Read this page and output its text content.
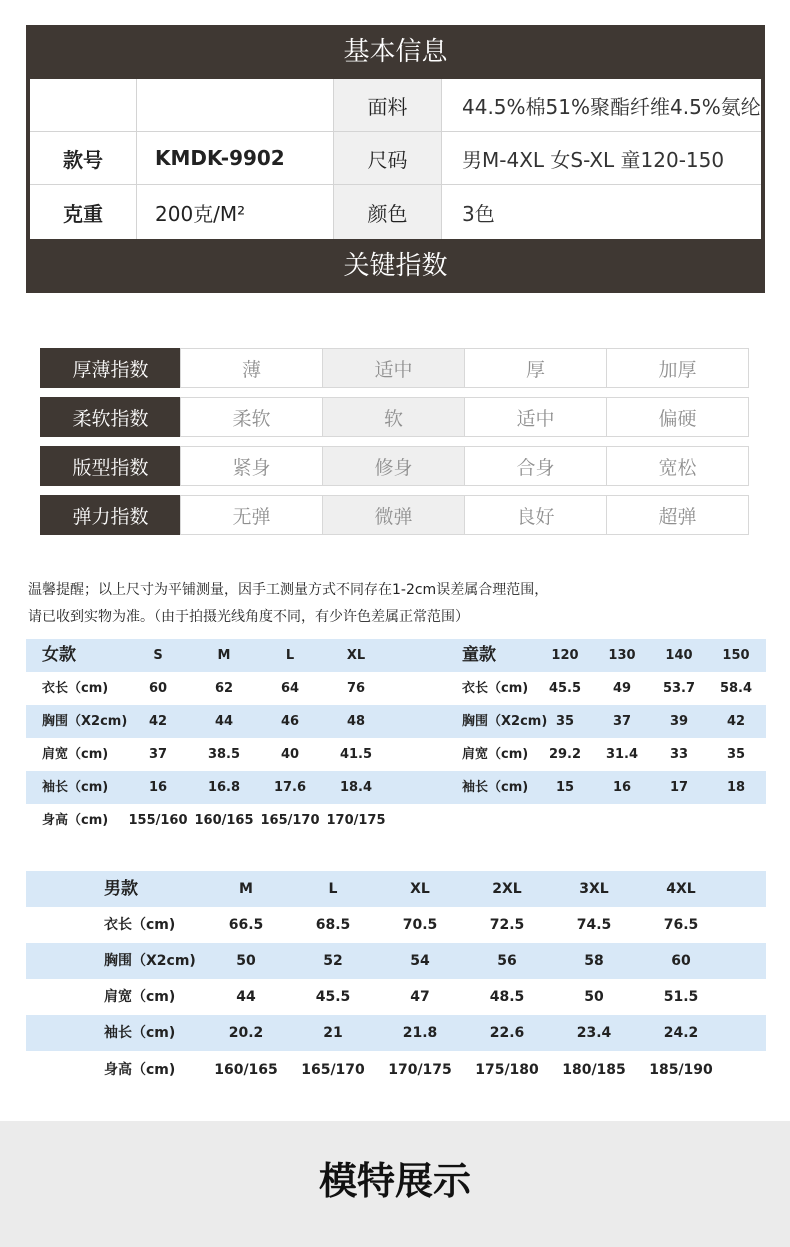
基本信息
面料	44.5%棉51%聚酯纤维4.5%氨纶
款号	KMDK-9902	尺码	男M-4XL 女S-XL 童120-150
克重	200克/M²	颜色	3色
关键指数
厚薄指数	薄	适中	厚	加厚
柔软指数	柔软	软	适中	偏硬
版型指数	紧身	修身	合身	宽松
弹力指数	无弹	微弹	良好	超弹
温馨提醒；以上尺寸为平铺测量，因手工测量方式不同存在1-2cm误差属合理范围，
请已收到实物为准。（由于拍摄光线角度不同，有少许色差属正常范围）
女款	S	M	L	XL	童款	120	130	140	150
衣长（cm)	60	62	64	76	衣长（cm)	45.5	49	53.7	58.4
胸围（X2cm)	42	44	46	48	胸围（X2cm) 35	37	39	42
肩宽（cm)	37	38.5	40	41.5	肩宽（cm)	29.2	31.4	33	35
袖长（cm)	16	16.8	17.6	18.4	袖长（cm)	15	16	17	18
身高（cm) 155/160 160/165 165/170 170/175
男款	M	L	XL	2XL	3XL	4XL
衣长（cm)	66.5	68.5	70.5	72.5	74.5	76.5
胸围（X2cm)	50	52	54	56	58	60
肩宽（cm)	44	45.5	47	48.5	50	51.5
袖长（cm)	20.2	21	21.8	22.6	23.4	24.2
身高（cm)	160/165	165/170	170/175	175/180	180/185	185/190
模特展示
